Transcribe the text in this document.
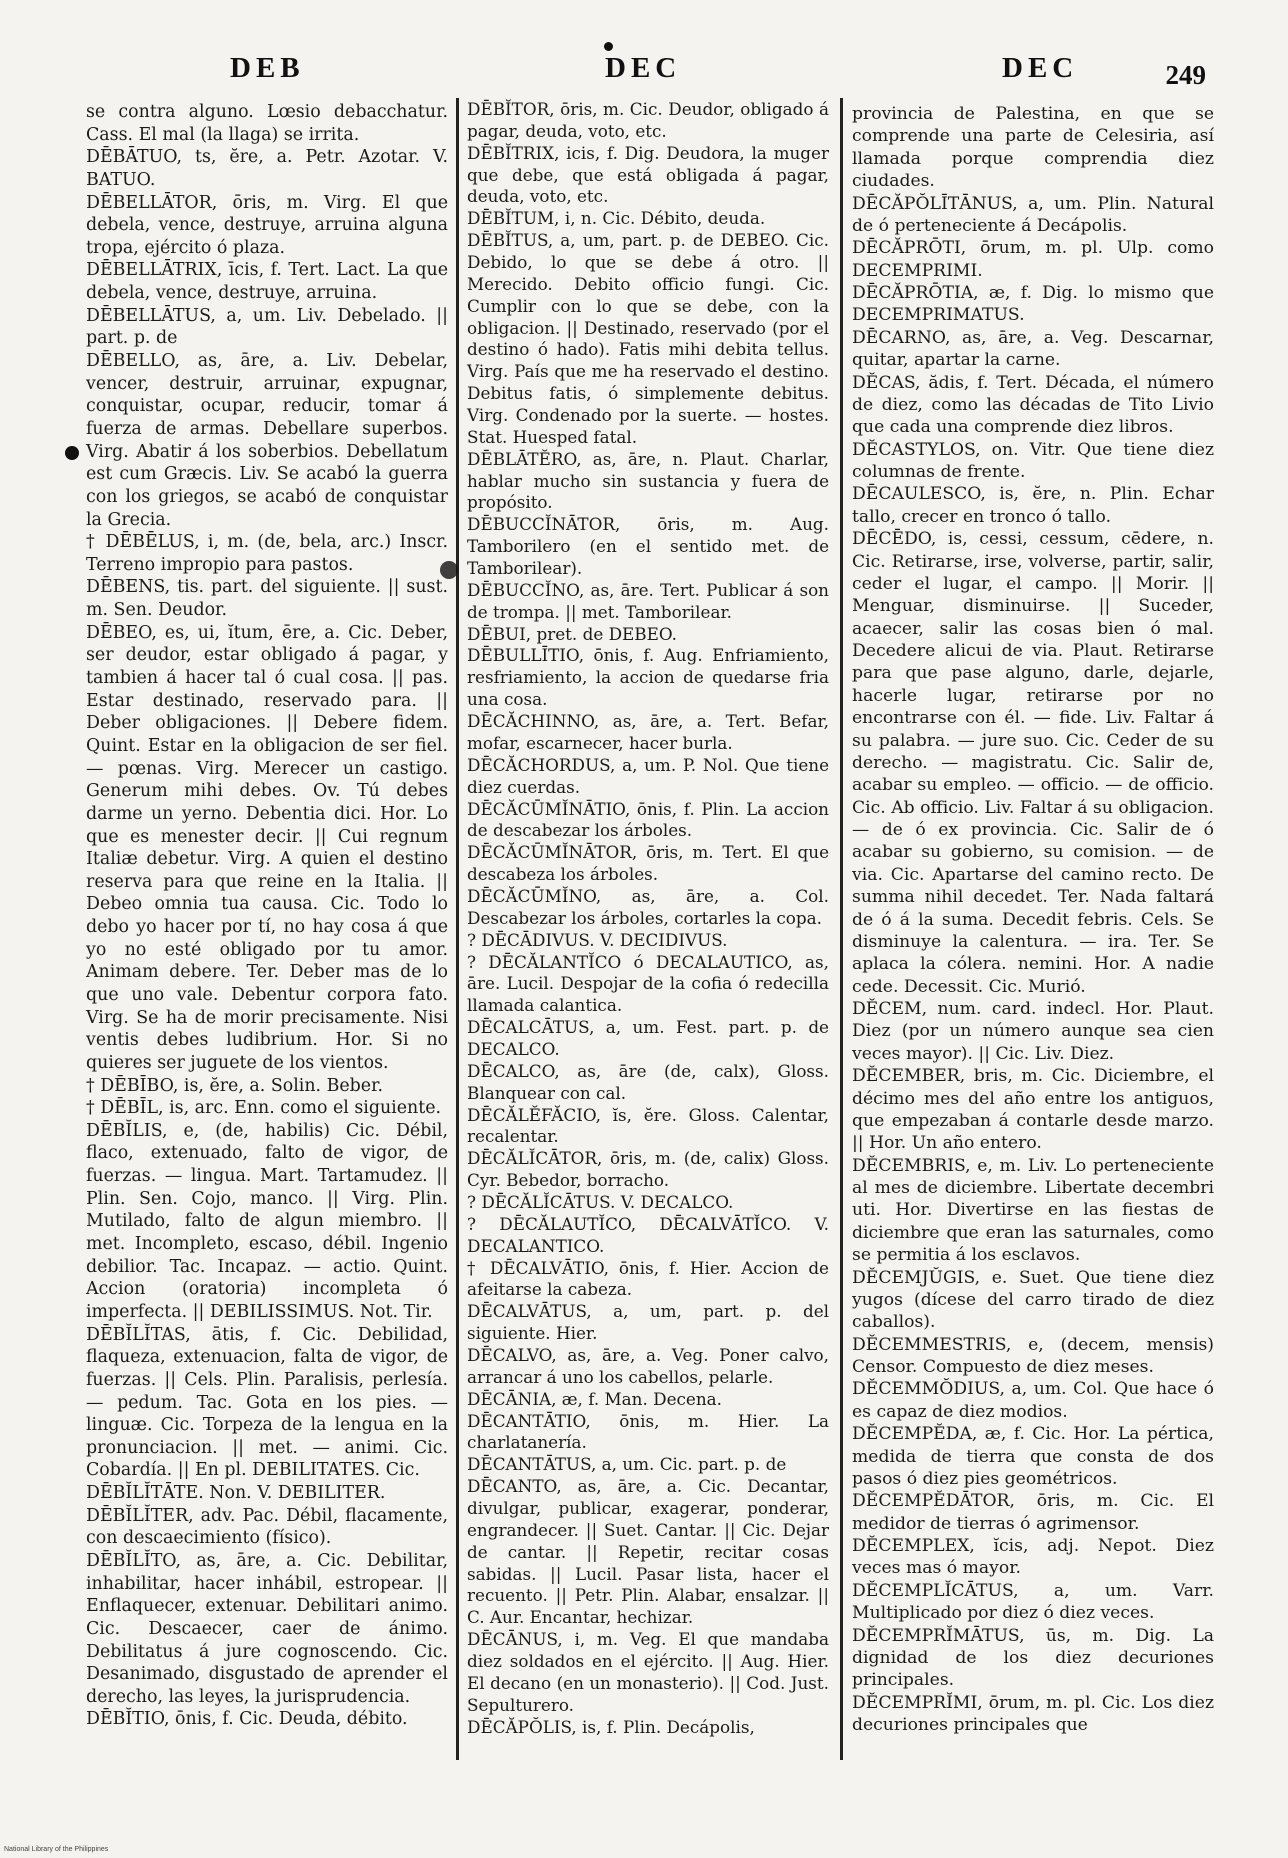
DEB	DEC	DEC	249

se contra alguno. Lœsio debacchatur. Cass. El mal (la llaga) se irrita.

DĒBĀTUO, ts, ĕre, a. Petr. Azotar. V. BATUO.

DĒBELLĀTOR, ōris, m. Virg. El que debela, vence, destruye, arruina alguna tropa, ejército ó plaza.

DĒBELLĀTRIX, īcis, f. Tert. Lact. La que debela, vence, destruye, arruina.

DĒBELLĀTUS, a, um. Liv. Debelado. || part. p. de

DĒBELLO, as, āre, a. Liv. Debelar, vencer, destruir, arruinar, expugnar, conquistar, ocupar, reducir, tomar á fuerza de armas. Debellare superbos. Virg. Abatir á los soberbios. Debellatum est cum Græcis. Liv. Se acabó la guerra con los griegos, se acabó de conquistar la Grecia.

† DĒBĒLUS, i, m. (de, bela, arc.) Inscr. Terreno impropio para pastos.

DĒBENS, tis. part. del siguiente. || sust. m. Sen. Deudor.

DĒBEO, es, ui, ĭtum, ēre, a. Cic. Deber, ser deudor, estar obligado á pagar, y tambien á hacer tal ó cual cosa. || pas. Estar destinado, reservado para. || Deber obligaciones. || Debere fidem. Quint. Estar en la obligacion de ser fiel. — pœnas. Virg. Merecer un castigo. Generum mihi debes. Ov. Tú debes darme un yerno. Debentia dici. Hor. Lo que es menester decir. || Cui regnum Italiæ debetur. Virg. A quien el destino reserva para que reine en la Italia. || Debeo omnia tua causa. Cic. Todo lo debo yo hacer por tí, no hay cosa á que yo no esté obligado por tu amor. Animam debere. Ter. Deber mas de lo que uno vale. Debentur corpora fato. Virg. Se ha de morir precisamente. Nisi ventis debes ludibrium. Hor. Si no quieres ser juguete de los vientos.

† DĒBĪBO, is, ĕre, a. Solin. Beber.

† DĒBĪL, is, arc. Enn. como el siguiente.

DĒBĬLIS, e, (de, habilis) Cic. Débil, flaco, extenuado, falto de vigor, de fuerzas. — lingua. Mart. Tartamudez. || Plin. Sen. Cojo, manco. || Virg. Plin. Mutilado, falto de algun miembro. || met. Incompleto, escaso, débil. Ingenio debilior. Tac. Incapaz. — actio. Quint. Accion (oratoria) incompleta ó imperfecta. || DEBILISSIMUS. Not. Tir.

DĒBĬLĬTAS, ātis, f. Cic. Debilidad, flaqueza, extenuacion, falta de vigor, de fuerzas. || Cels. Plin. Paralisis, perlesía. — pedum. Tac. Gota en los pies. — linguæ. Cic. Torpeza de la lengua en la pronunciacion. || met. — animi. Cic. Cobardía. || En pl. DEBILITATES. Cic.

DĒBĬLĬTĀTE. Non. V. DEBILITER.

DĒBĬLĬTER, adv. Pac. Débil, flacamente, con descaecimiento (físico).

DĒBĬLĬTO, as, āre, a. Cic. Debilitar, inhabilitar, hacer inhábil, estropear. || Enflaquecer, extenuar. Debilitari animo. Cic. Descaecer, caer de ánimo. Debilitatus á jure cognoscendo. Cic. Desanimado, disgustado de aprender el derecho, las leyes, la jurisprudencia.

DĒBĬTIO, ōnis, f. Cic. Deuda, débito.

DĒBĬTOR, ōris, m. Cic. Deudor, obligado á pagar, deuda, voto, etc.

DĒBĬTRIX, icis, f. Dig. Deudora, la muger que debe, que está obligada á pagar, deuda, voto, etc.

DĒBĬTUM, i, n. Cic. Débito, deuda.

DĒBĬTUS, a, um, part. p. de DEBEO. Cic. Debido, lo que se debe á otro. || Merecido. Debito officio fungi. Cic. Cumplir con lo que se debe, con la obligacion. || Destinado, reservado (por el destino ó hado). Fatis mihi debita tellus. Virg. País que me ha reservado el destino. Debitus fatis, ó simplemente debitus. Virg. Condenado por la suerte. — hostes. Stat. Huesped fatal.

DĒBLĀTĔRO, as, āre, n. Plaut. Charlar, hablar mucho sin sustancia y fuera de propósito.

DĒBUCCĬNĀTOR, ōris, m. Aug. Tamborilero (en el sentido met. de Tamborilear).

DĒBUCCĬNO, as, āre. Tert. Publicar á son de trompa. || met. Tamborilear.

DĒBUI, pret. de DEBEO.

DĒBULLĪTIO, ōnis, f. Aug. Enfriamiento, resfriamiento, la accion de quedarse fria una cosa.

DĒCĂCHINNO, as, āre, a. Tert. Befar, mofar, escarnecer, hacer burla.

DĒCĂCHORDUS, a, um. P. Nol. Que tiene diez cuerdas.

DĒCĂCŪMĬNĀTIO, ōnis, f. Plin. La accion de descabezar los árboles.

DĒCĂCŪMĬNĀTOR, ōris, m. Tert. El que descabeza los árboles.

DĒCĂCŪMĬNO, as, āre, a. Col. Descabezar los árboles, cortarles la copa.

? DĒCĀDIVUS. V. DECIDIVUS.

? DĒCĂLANTĬCO ó DECALAUTICO, as, āre. Lucil. Despojar de la cofia ó redecilla llamada calantica.

DĒCALCĀTUS, a, um. Fest. part. p. de DECALCO.

DĒCALCO, as, āre (de, calx), Gloss. Blanquear con cal.

DĒCĂLĔFĂCIO, ĭs, ĕre. Gloss. Calentar, recalentar.

DĒCĂLĬCĀTOR, ōris, m. (de, calix) Gloss. Cyr. Bebedor, borracho.

? DĒCĂLĬCĀTUS. V. DECALCO.

? DĒCĂLAUTĬCO, DĒCALVĀTĬCO. V. DECALANTICO.

† DĒCALVĀTIO, ōnis, f. Hier. Accion de afeitarse la cabeza.

DĒCALVĀTUS, a, um, part. p. del siguiente. Hier.

DĒCALVO, as, āre, a. Veg. Poner calvo, arrancar á uno los cabellos, pelarle.

DĒCĀNIA, æ, f. Man. Decena.

DĒCANTĀTIO, ōnis, m. Hier. La charlatanería.

DĒCANTĀTUS, a, um. Cic. part. p. de

DĒCANTO, as, āre, a. Cic. Decantar, divulgar, publicar, exagerar, ponderar, engrandecer. || Suet. Cantar. || Cic. Dejar de cantar. || Repetir, recitar cosas sabidas. || Lucil. Pasar lista, hacer el recuento. || Petr. Plin. Alabar, ensalzar. || C. Aur. Encantar, hechizar.

DĒCĀNUS, i, m. Veg. El que mandaba diez soldados en el ejército. || Aug. Hier. El decano (en un monasterio). || Cod. Just. Sepulturero.

DĒCĂPŎLIS, is, f. Plin. Decápolis,

provincia de Palestina, en que se comprende una parte de Celesiria, así llamada porque comprendia diez ciudades.

DĒCĂPŎLĪTĀNUS, a, um. Plin. Natural de ó perteneciente á Decápolis.

DĒCĂPRŌTI, ōrum, m. pl. Ulp. como DECEMPRIMI.

DĒCĂPRŌTIA, æ, f. Dig. lo mismo que DECEMPRIMATUS.

DĒCARNO, as, āre, a. Veg. Descarnar, quitar, apartar la carne.

DĔCAS, ădis, f. Tert. Década, el número de diez, como las décadas de Tito Livio que cada una comprende diez libros.

DĔCASTYLOS, on. Vitr. Que tiene diez columnas de frente.

DĒCAULESCO, is, ĕre, n. Plin. Echar tallo, crecer en tronco ó tallo.

DĒCĒDO, is, cessi, cessum, cēdere, n. Cic. Retirarse, irse, volverse, partir, salir, ceder el lugar, el campo. || Morir. || Menguar, disminuirse. || Suceder, acaecer, salir las cosas bien ó mal. Decedere alicui de via. Plaut. Retirarse para que pase alguno, darle, dejarle, hacerle lugar, retirarse por no encontrarse con él. — fide. Liv. Faltar á su palabra. — jure suo. Cic. Ceder de su derecho. — magistratu. Cic. Salir de, acabar su empleo. — officio. — de officio. Cic. Ab officio. Liv. Faltar á su obligacion. — de ó ex provincia. Cic. Salir de ó acabar su gobierno, su comision. — de via. Cic. Apartarse del camino recto. De summa nihil decedet. Ter. Nada faltará de ó á la suma. Decedit febris. Cels. Se disminuye la calentura. — ira. Ter. Se aplaca la cólera. nemini. Hor. A nadie cede. Decessit. Cic. Murió.

DĔCEM, num. card. indecl. Hor. Plaut. Diez (por un número aunque sea cien veces mayor). || Cic. Liv. Diez.

DĔCEMBER, bris, m. Cic. Diciembre, el décimo mes del año entre los antiguos, que empezaban á contarle desde marzo. || Hor. Un año entero.

DĔCEMBRIS, e, m. Liv. Lo perteneciente al mes de diciembre. Libertate decembri uti. Hor. Divertirse en las fiestas de diciembre que eran las saturnales, como se permitia á los esclavos.

DĔCEMJŬGIS, e. Suet. Que tiene diez yugos (dícese del carro tirado de diez caballos).

DĔCEMMESTRIS, e, (decem, mensis) Censor. Compuesto de diez meses.

DĔCEMMŎDIUS, a, um. Col. Que hace ó es capaz de diez modios.

DĔCEMPĔDA, æ, f. Cic. Hor. La pértica, medida de tierra que consta de dos pasos ó diez pies geométricos.

DĔCEMPĔDĀTOR, ōris, m. Cic. El medidor de tierras ó agrimensor.

DĔCEMPLEX, ĭcis, adj. Nepot. Diez veces mas ó mayor.

DĔCEMPLĬCĀTUS, a, um. Varr. Multiplicado por diez ó diez veces.

DĔCEMPRĬMĀTUS, ūs, m. Dig. La dignidad de los diez decuriones principales.

DĔCEMPRĬMI, ōrum, m. pl. Cic. Los diez decuriones principales que

National Library of the Philippines
